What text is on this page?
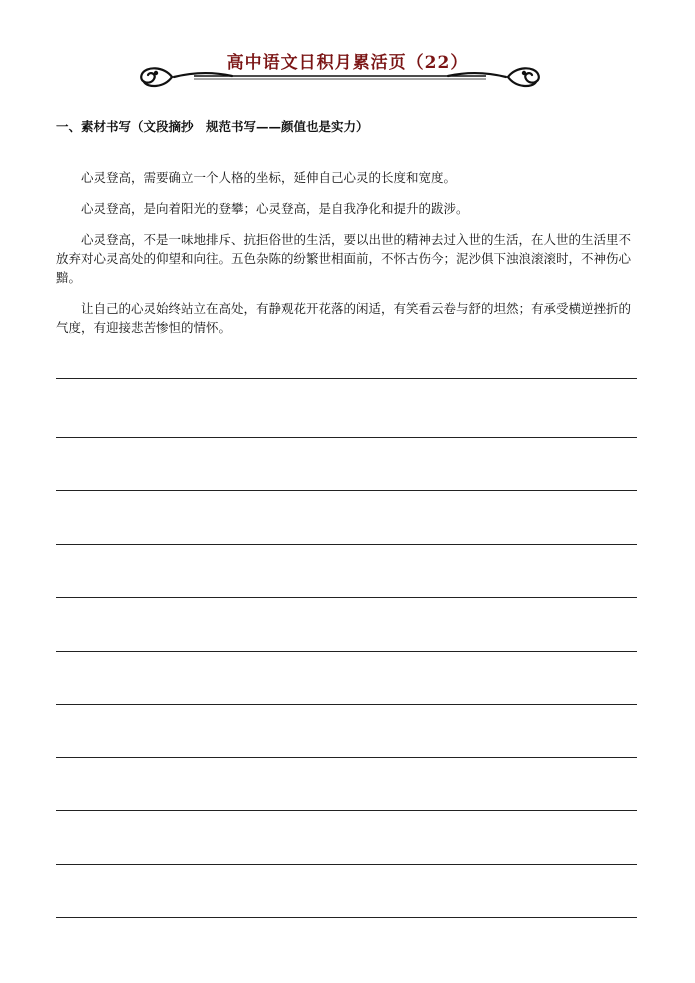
高中语文日积月累活页（22）
一、素材书写（文段摘抄　规范书写——颜值也是实力）

心灵登高，需要确立一个人格的坐标，延伸自己心灵的长度和宽度。

心灵登高，是向着阳光的登攀；心灵登高，是自我净化和提升的跋涉。

心灵登高，不是一味地排斥、抗拒俗世的生活，要以出世的精神去过入世的生活，在人世的生活里不放弃对心灵高处的仰望和向往。五色杂陈的纷繁世相面前，不怀古伤今；泥沙俱下浊浪滚滚时，不神伤心黯。

让自己的心灵始终站立在高处，有静观花开花落的闲适，有笑看云卷与舒的坦然；有承受横逆挫折的气度，有迎接悲苦惨怛的情怀。
